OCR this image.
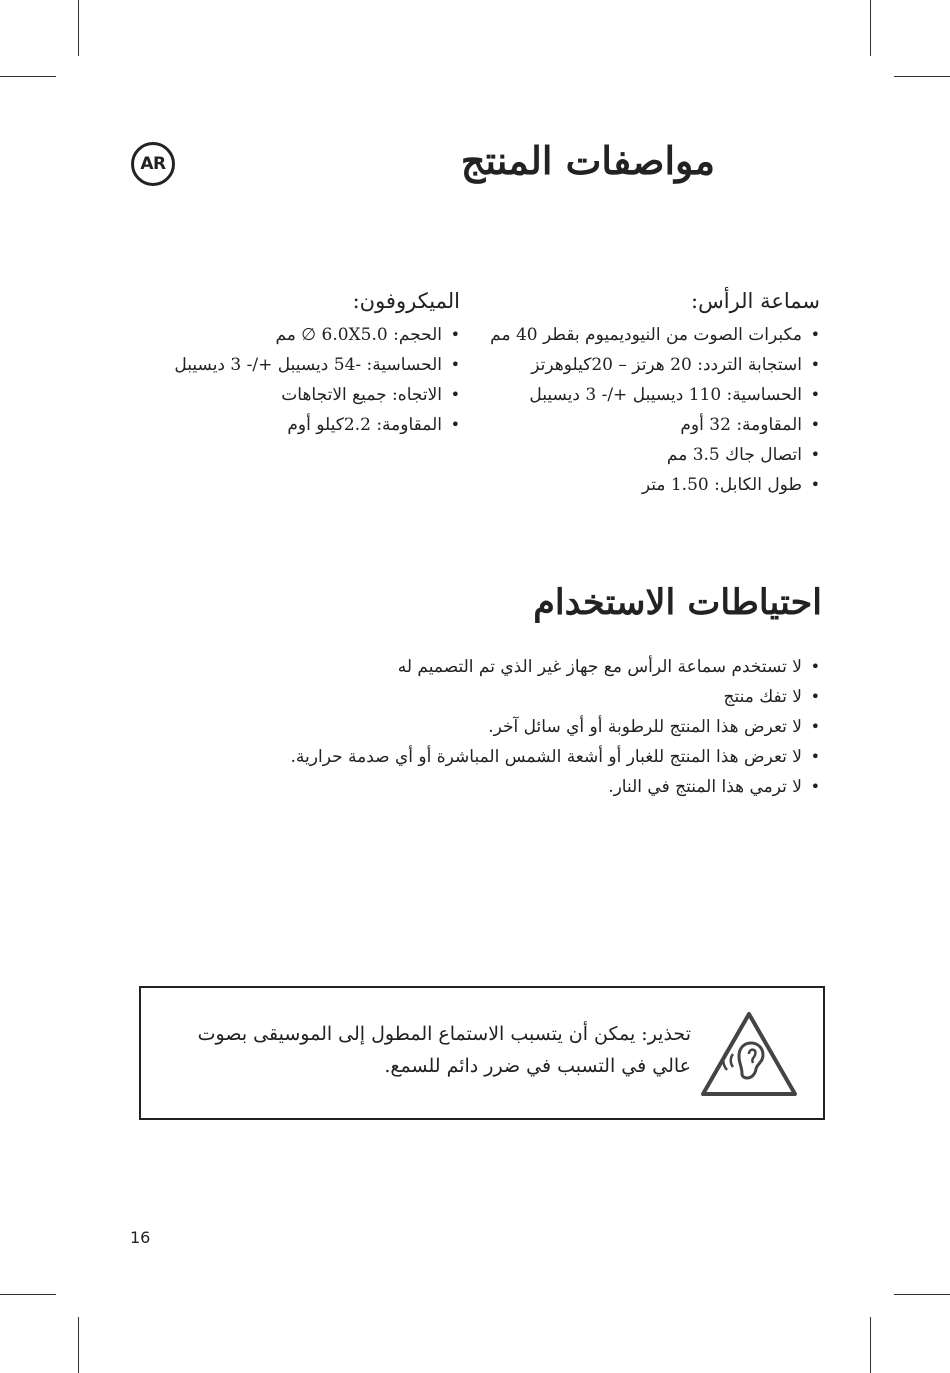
AR	مواصفات المنتج
سماعة الرأس:
• مكبرات الصوت من النيوديميوم بقطر 40 مم
• استجابة التردد: 20 هرتز – 20كيلوهرتز
• الحساسية: 110 ديسيبل +/- 3 ديسيبل
• المقاومة: 32 أوم
• اتصال جاك 3.5 مم
• طول الكابل: 1.50 متر
الميكروفون:
• الحجم: 6.0X5.0 ∅ مم
• الحساسية: -54 ديسيبل +/- 3 ديسيبل
• الاتجاه: جميع الاتجاهات
• المقاومة: 2.2كيلو أوم
احتياطات الاستخدام
• لا تستخدم سماعة الرأس مع جهاز غير الذي تم التصميم له
• لا تفك منتج
• لا تعرض هذا المنتج للرطوبة أو أي سائل آخر.
• لا تعرض هذا المنتج للغبار أو أشعة الشمس المباشرة أو أي صدمة حرارية.
• لا ترمي هذا المنتج في النار.
تحذير: يمكن أن يتسبب الاستماع المطول إلى الموسيقى بصوت عالي في التسبب في ضرر دائم للسمع.
16
